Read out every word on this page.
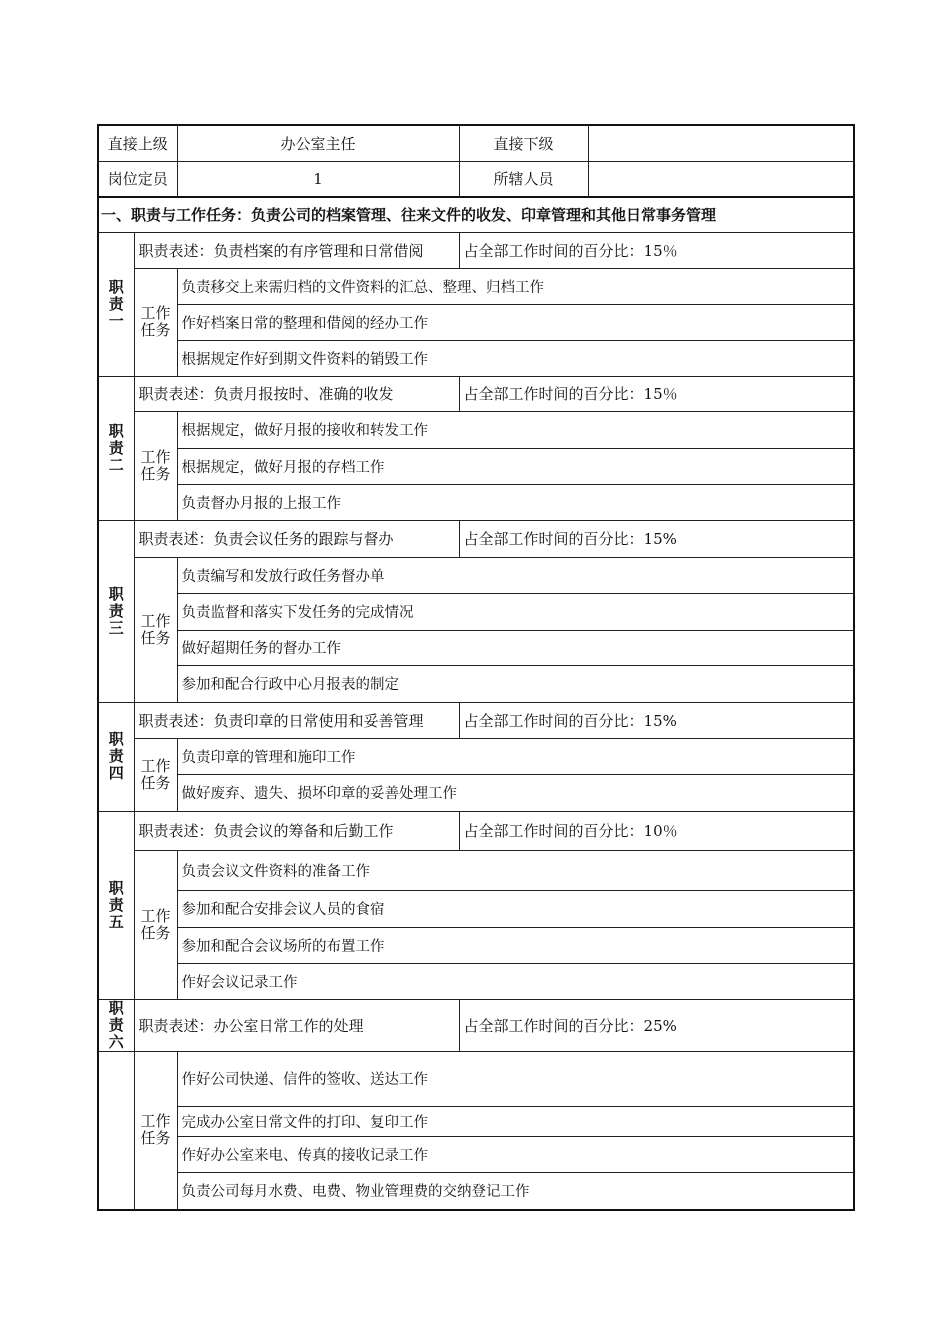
直接上级		办公室主任	直接下级	
岗位定员		1	所辖人员	
一、职责与工作任务：负责公司的档案管理、往来文件的收发、印章管理和其他日常事务管理				

职
责
一	职责表述：负责档案的有序管理和日常借阅		占全部工作时间的百分比：15％	

	工作
任务	负责移交上来需归档的文件资料的汇总、整理、归档工作		
		作好档案日常的整理和借阅的经办工作		
		根据规定作好到期文件资料的销毁工作		

职
责
二	职责表述：负责月报按时、准确的收发		占全部工作时间的百分比：15％	

	工作
任务	根据规定，做好月报的接收和转发工作		
		根据规定，做好月报的存档工作		
		负责督办月报的上报工作		

职
责
三	职责表述：负责会议任务的跟踪与督办		占全部工作时间的百分比：15%	

	工作
任务	负责编写和发放行政任务督办单		
		负责监督和落实下发任务的完成情况		
		做好超期任务的督办工作		
		参加和配合行政中心月报表的制定		

职
责
四	职责表述：负责印章的日常使用和妥善管理		占全部工作时间的百分比：15%	

	工作
任务	负责印章的管理和施印工作		
		做好废弃、遗失、损坏印章的妥善处理工作		

职
责
五	职责表述：负责会议的筹备和后勤工作		占全部工作时间的百分比：10％	

	工作
任务	负责会议文件资料的准备工作		
		参加和配合安排会议人员的食宿		
		参加和配合会议场所的布置工作		
		作好会议记录工作		

职
责
六	职责表述：办公室日常工作的处理		占全部工作时间的百分比：25%	

	工作
任务	作好公司快递、信件的签收、送达工作		
		完成办公室日常文件的打印、复印工作		
		作好办公室来电、传真的接收记录工作		
		负责公司每月水费、电费、物业管理费的交纳登记工作		
